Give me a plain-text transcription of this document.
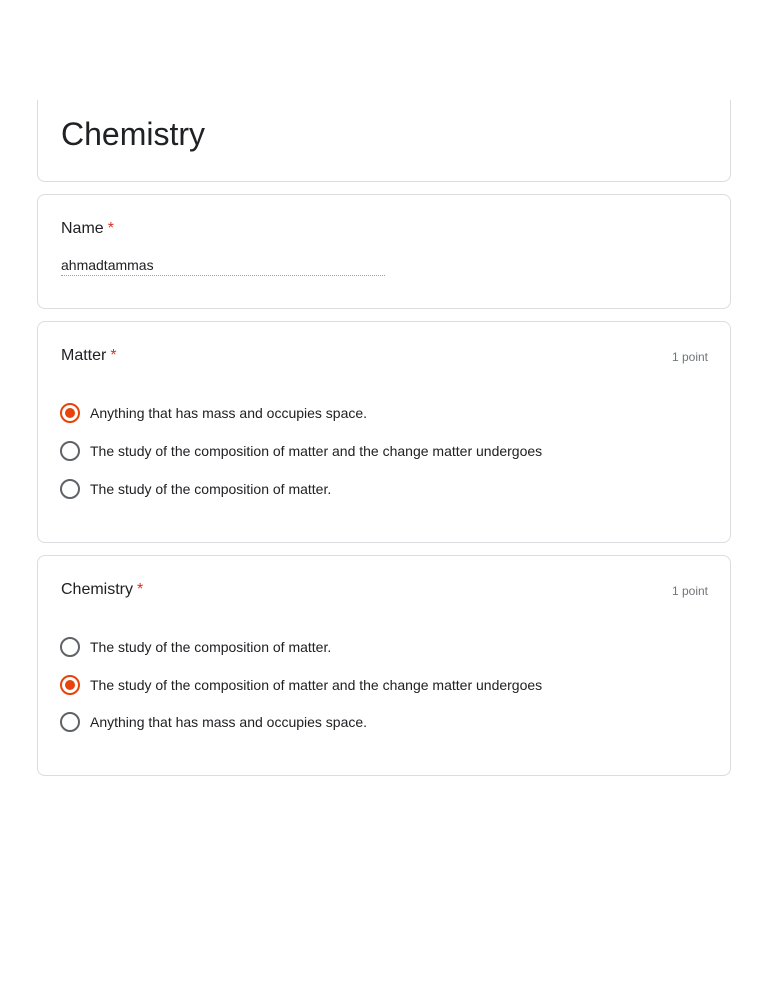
Chemistry
Name *
ahmadtammas
Matter *	1 point
Anything that has mass and occupies space.
The study of the composition of matter and the change matter undergoes
The study of the composition of matter.
Chemistry *	1 point
The study of the composition of matter.
The study of the composition of matter and the change matter undergoes
Anything that has mass and occupies space.
